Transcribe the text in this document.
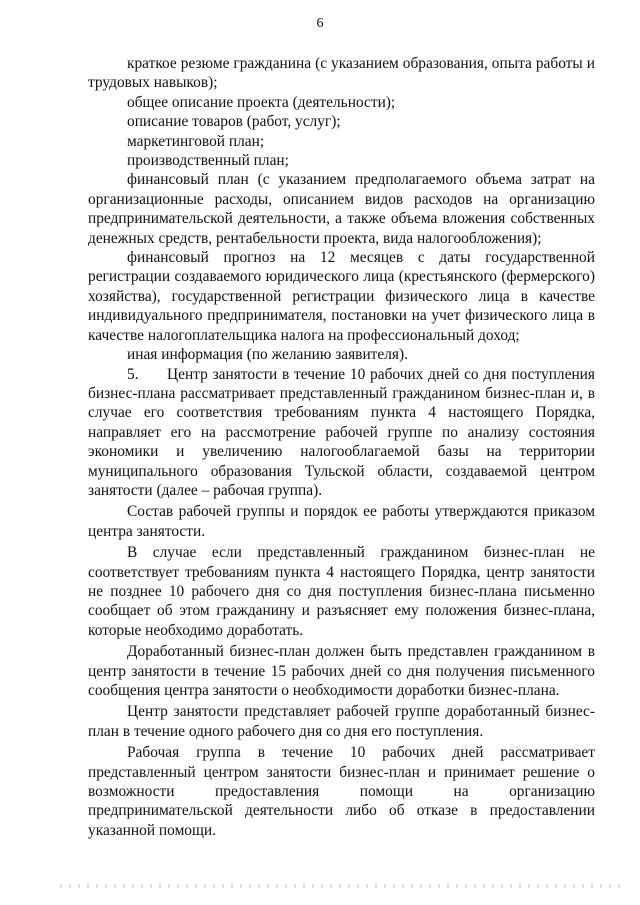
6

краткое резюме гражданина (с указанием образования, опыта работы и трудовых навыков);

общее описание проекта (деятельности);

описание товаров (работ, услуг);

маркетинговой план;

производственный план;

финансовый план (с указанием предполагаемого объема затрат на организационные расходы, описанием видов расходов на организацию предпринимательской деятельности, а также объема вложения собственных денежных средств, рентабельности проекта, вида налогообложения);

финансовый прогноз на 12 месяцев с даты государственной регистрации создаваемого юридического лица (крестьянского (фермерского) хозяйства), государственной регистрации физического лица в качестве индивидуального предпринимателя, постановки на учет физического лица в качестве налогоплательщика налога на профессиональный доход;

иная информация (по желанию заявителя).

5. Центр занятости в течение 10 рабочих дней со дня поступления бизнес-плана рассматривает представленный гражданином бизнес-план и, в случае его соответствия требованиям пункта 4 настоящего Порядка, направляет его на рассмотрение рабочей группе по анализу состояния экономики и увеличению налогооблагаемой базы на территории муниципального образования Тульской области, создаваемой центром занятости (далее – рабочая группа).

Состав рабочей группы и порядок ее работы утверждаются приказом центра занятости.

В случае если представленный гражданином бизнес-план не соответствует требованиям пункта 4 настоящего Порядка, центр занятости не позднее 10 рабочего дня со дня поступления бизнес-плана письменно сообщает об этом гражданину и разъясняет ему положения бизнес-плана, которые необходимо доработать.

Доработанный бизнес-план должен быть представлен гражданином в центр занятости в течение 15 рабочих дней со дня получения письменного сообщения центра занятости о необходимости доработки бизнес-плана.

Центр занятости представляет рабочей группе доработанный бизнес-план в течение одного рабочего дня со дня его поступления.

Рабочая группа в течение 10 рабочих дней рассматривает представленный центром занятости бизнес-план и принимает решение о возможности предоставления помощи на организацию предпринимательской деятельности либо об отказе в предоставлении указанной помощи.
